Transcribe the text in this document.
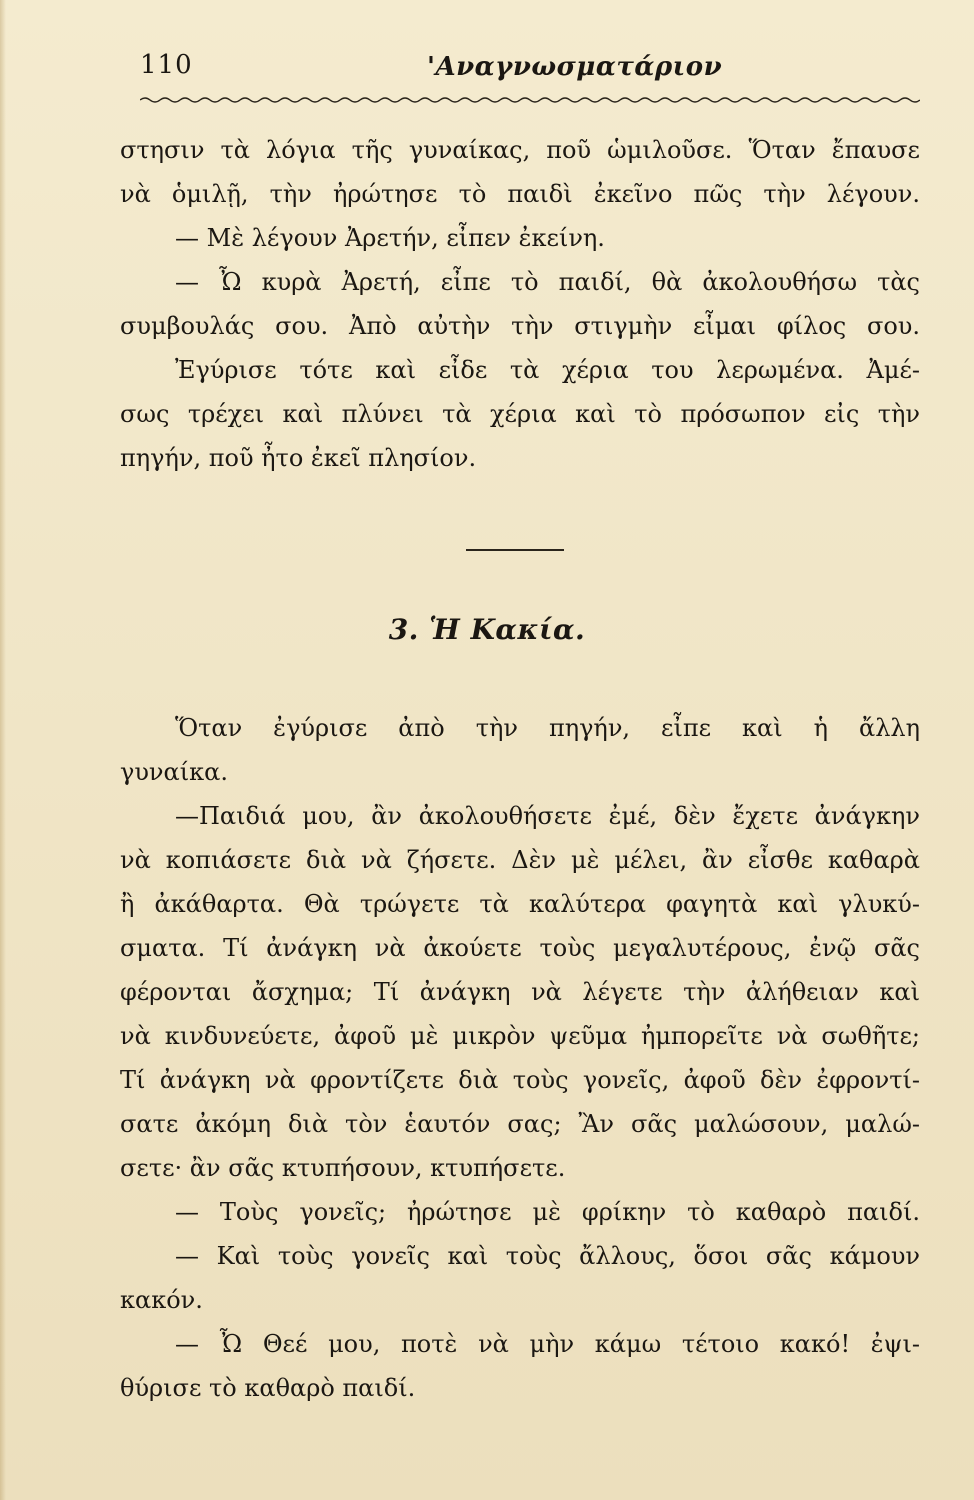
110	'Αναγνωσματάριον
στησιν τὰ λόγια τῆς γυναίκας, ποῦ ὡμιλοῦσε. Ὅταν ἔπαυσε
νὰ ὁμιλῇ, τὴν ἠρώτησε τὸ παιδὶ ἐκεῖνο πῶς τὴν λέγουν.
— Μὲ λέγουν Ἀρετήν, εἶπεν ἐκείνη.
— Ὦ κυρὰ Ἀρετή, εἶπε τὸ παιδί, θὰ ἀκολουθήσω τὰς
συμβουλάς σου. Ἀπὸ αὐτὴν τὴν στιγμὴν εἶμαι φίλος σου.
Ἐγύρισε τότε καὶ εἶδε τὰ χέρια του λερωμένα. Ἀμέ-
σως τρέχει καὶ πλύνει τὰ χέρια καὶ τὸ πρόσωπον εἰς τὴν
πηγήν, ποῦ ἦτο ἐκεῖ πλησίον.
3. Ἡ Κακία.
Ὅταν ἐγύρισε ἀπὸ τὴν πηγήν, εἶπε καὶ ἡ ἄλλη
γυναίκα.
—Παιδιά μου, ἂν ἀκολουθήσετε ἐμέ, δὲν ἔχετε ἀνάγκην
νὰ κοπιάσετε διὰ νὰ ζήσετε. Δὲν μὲ μέλει, ἂν εἶσθε καθαρὰ
ἢ ἀκάθαρτα. Θὰ τρώγετε τὰ καλύτερα φαγητὰ καὶ γλυκύ-
σματα. Τί ἀνάγκη νὰ ἀκούετε τοὺς μεγαλυτέρους, ἐνῷ σᾶς
φέρονται ἄσχημα; Τί ἀνάγκη νὰ λέγετε τὴν ἀλήθειαν καὶ
νὰ κινδυνεύετε, ἀφοῦ μὲ μικρὸν ψεῦμα ἠμπορεῖτε νὰ σωθῆτε;
Τί ἀνάγκη νὰ φροντίζετε διὰ τοὺς γονεῖς, ἀφοῦ δὲν ἐφροντί-
σατε ἀκόμη διὰ τὸν ἑαυτόν σας; Ἂν σᾶς μαλώσουν, μαλώ-
σετε· ἂν σᾶς κτυπήσουν, κτυπήσετε.
— Τοὺς γονεῖς; ἠρώτησε μὲ φρίκην τὸ καθαρὸ παιδί.
— Καὶ τοὺς γονεῖς καὶ τοὺς ἄλλους, ὅσοι σᾶς κάμουν
κακόν.
— Ὦ Θεέ μου, ποτὲ νὰ μὴν κάμω τέτοιο κακό! ἐψι-
θύρισε τὸ καθαρὸ παιδί.
